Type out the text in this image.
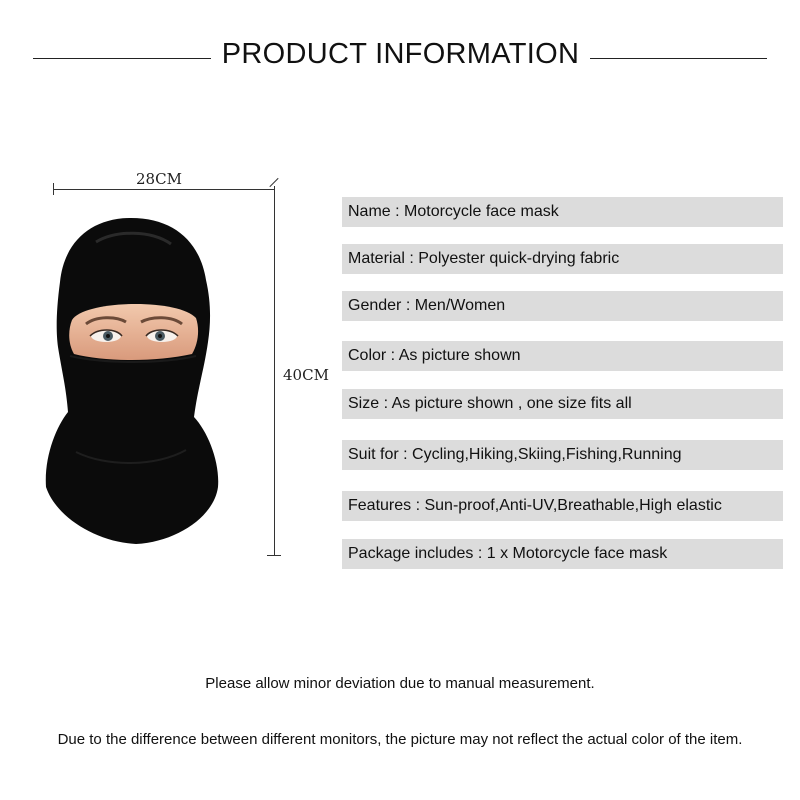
PRODUCT INFORMATION
28CM
40CM
Name : Motorcycle face mask
Material : Polyester quick-drying fabric
Gender : Men/Women
Color : As picture shown
Size : As picture shown , one size fits all
Suit for : Cycling,Hiking,Skiing,Fishing,Running
Features : Sun-proof,Anti-UV,Breathable,High elastic
Package includes : 1 x Motorcycle face mask
Please allow minor deviation due to manual measurement.
Due to the difference between different monitors, the picture may not reflect the actual color of the item.
